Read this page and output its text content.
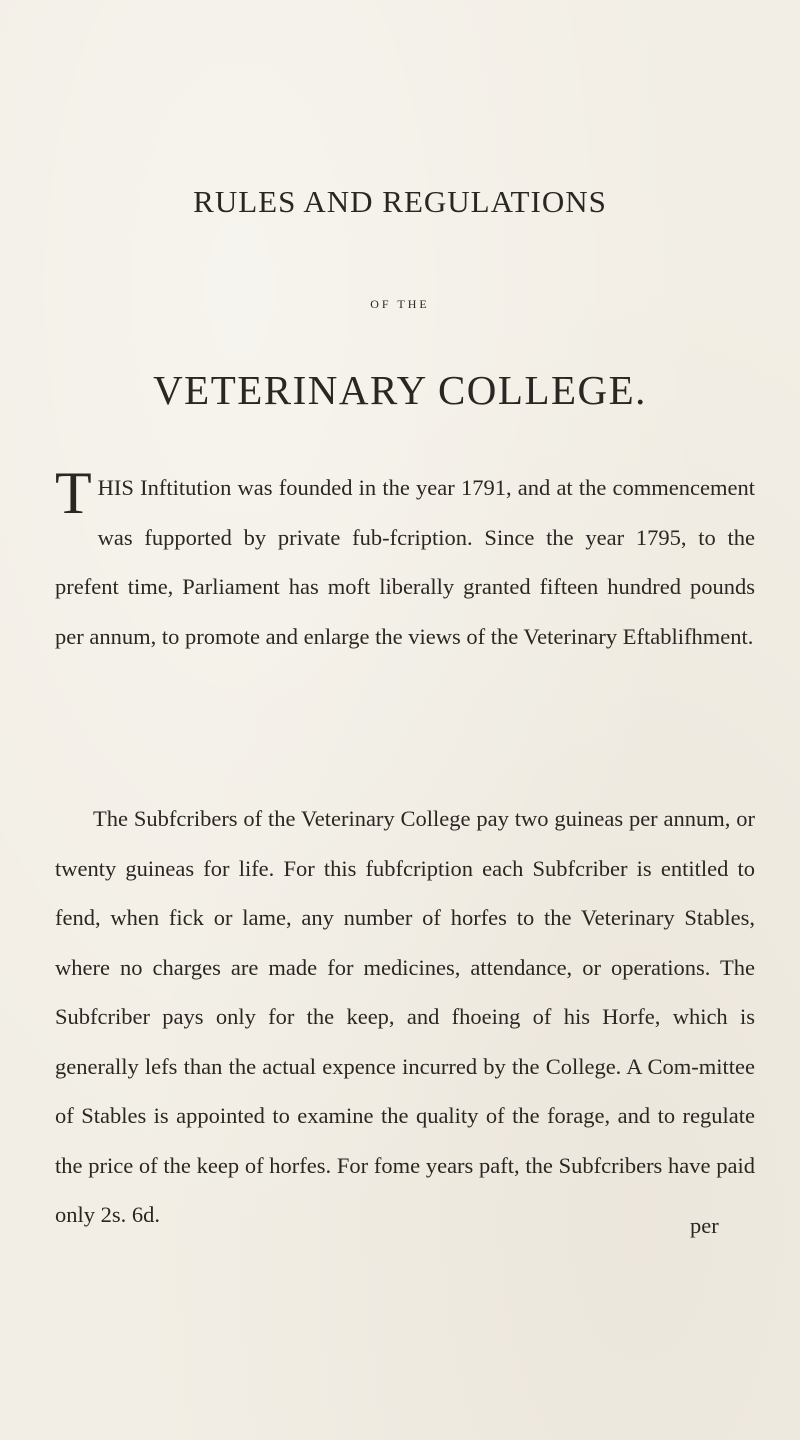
RULES AND REGULATIONS
OF THE
VETERINARY COLLEGE.

THIS Inftitution was founded in the year 1791, and at the commencement was fupported by private fub-fcription. Since the year 1795, to the prefent time, Parliament has moft liberally granted fifteen hundred pounds per annum, to promote and enlarge the views of the Veterinary Eftablifhment.

The Subfcribers of the Veterinary College pay two guineas per annum, or twenty guineas for life. For this fubfcription each Subfcriber is entitled to fend, when fick or lame, any number of horfes to the Veterinary Stables, where no charges are made for medicines, attendance, or operations. The Subfcriber pays only for the keep, and fhoeing of his Horfe, which is generally lefs than the actual expence incurred by the College. A Com-mittee of Stables is appointed to examine the quality of the forage, and to regulate the price of the keep of horfes. For fome years paft, the Subfcribers have paid only 2s. 6d.	per
